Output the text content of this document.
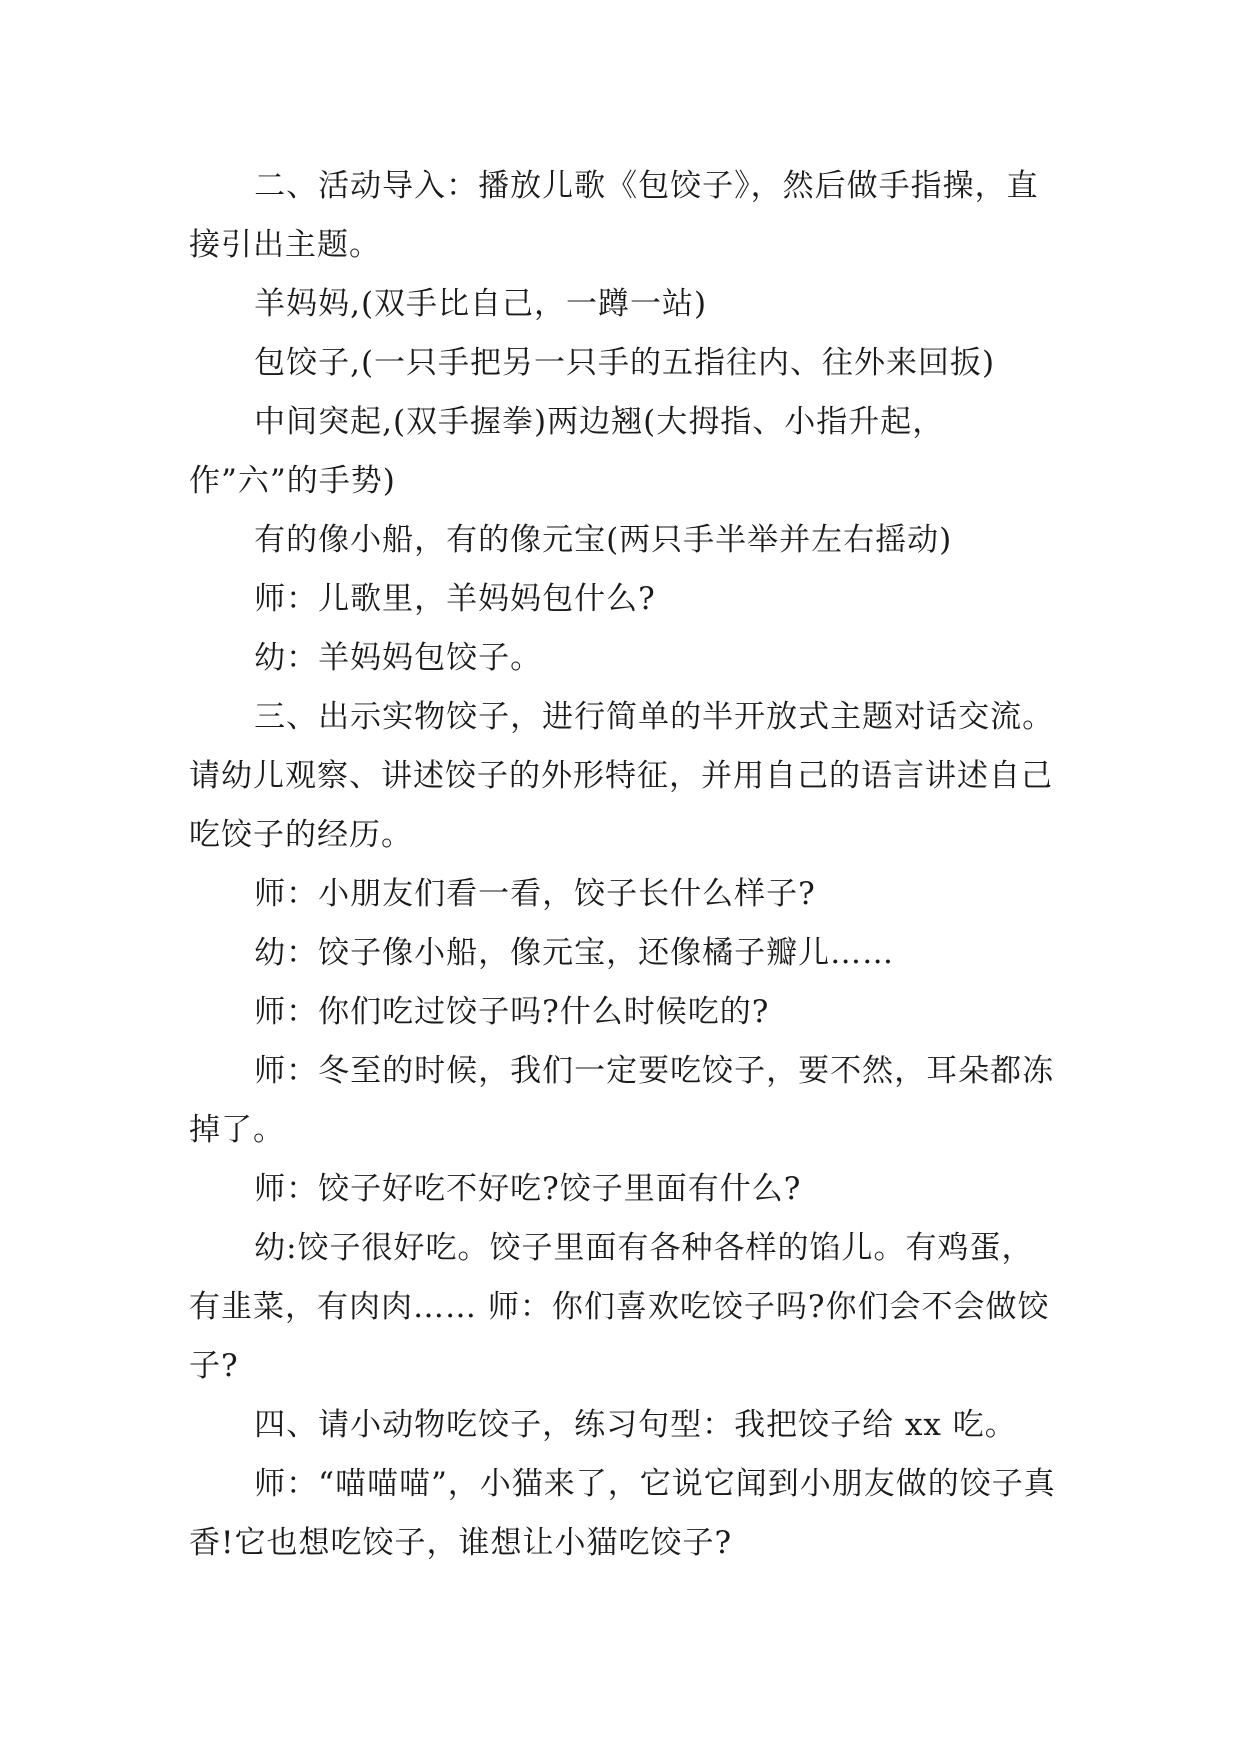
二、活动导入：播放儿歌《包饺子》，然后做手指操，直接引出主题。

羊妈妈,(双手比自己，一蹲一站)

包饺子,(一只手把另一只手的五指往内、往外来回扳)

中间突起,(双手握拳)两边翘(大拇指、小指升起，作”六”的手势)

有的像小船，有的像元宝(两只手半举并左右摇动)

师：儿歌里，羊妈妈包什么?

幼：羊妈妈包饺子。

三、出示实物饺子，进行简单的半开放式主题对话交流。请幼儿观察、讲述饺子的外形特征，并用自己的语言讲述自己吃饺子的经历。

师：小朋友们看一看，饺子长什么样子?

幼：饺子像小船，像元宝，还像橘子瓣儿……

师：你们吃过饺子吗?什么时候吃的?

师：冬至的时候，我们一定要吃饺子，要不然，耳朵都冻掉了。

师：饺子好吃不好吃?饺子里面有什么?

幼:饺子很好吃。饺子里面有各种各样的馅儿。有鸡蛋，有韭菜，有肉肉…… 师：你们喜欢吃饺子吗?你们会不会做饺子?

四、请小动物吃饺子，练习句型：我把饺子给 xx 吃。

师：“喵喵喵”，小猫来了，它说它闻到小朋友做的饺子真香!它也想吃饺子，谁想让小猫吃饺子?
